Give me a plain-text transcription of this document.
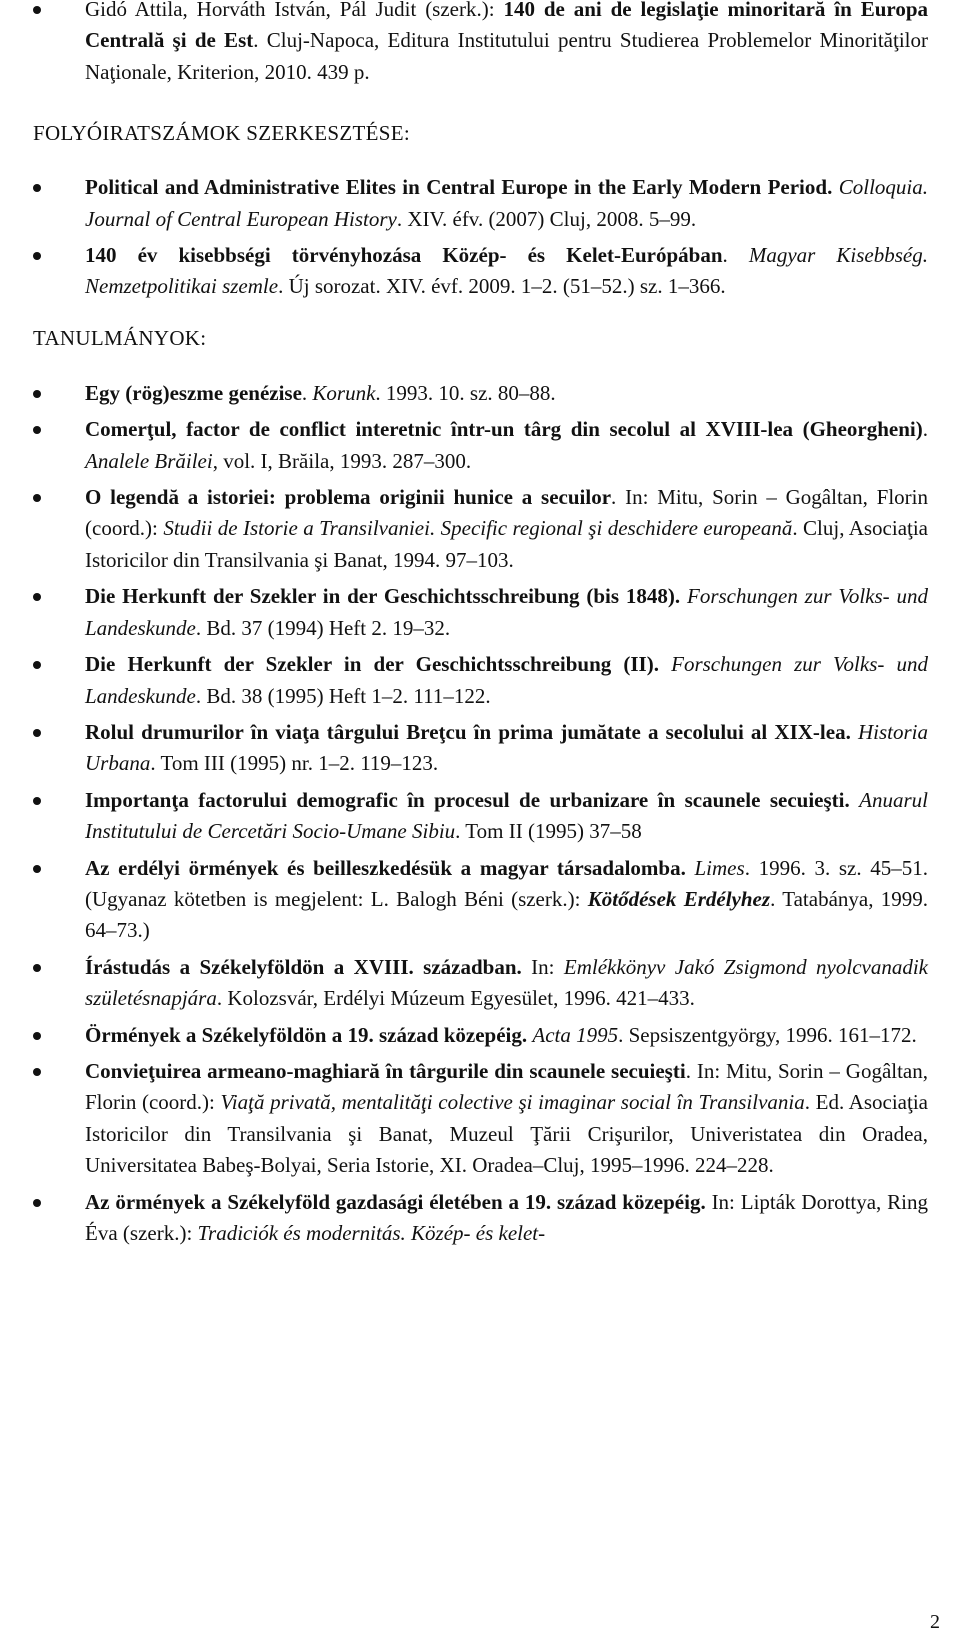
Gidó Attila, Horváth István, Pál Judit (szerk.): 140 de ani de legislaţie minoritară în Europa Centrală şi de Est. Cluj-Napoca, Editura Institutului pentru Studierea Problemelor Minorităţilor Naţionale, Kriterion, 2010. 439 p.
FOLYÓIRATSZÁMOK SZERKESZTÉSE:
Political and Administrative Elites in Central Europe in the Early Modern Period. Colloquia. Journal of Central European History. XIV. éfv. (2007) Cluj, 2008. 5–99.
140 év kisebbségi törvényhozása Közép- és Kelet-Európában. Magyar Kisebbség. Nemzetpolitikai szemle. Új sorozat. XIV. évf. 2009. 1–2. (51–52.) sz. 1–366.
TANULMÁNYOK:
Egy (rög)eszme genézise. Korunk. 1993. 10. sz. 80–88.
Comerţul, factor de conflict interetnic într-un târg din secolul al XVIII-lea (Gheorgheni). Analele Brăilei, vol. I, Brăila, 1993. 287–300.
O legendă a istoriei: problema originii hunice a secuilor. In: Mitu, Sorin – Gogâltan, Florin (coord.): Studii de Istorie a Transilvaniei. Specific regional şi deschidere europeană. Cluj, Asociaţia Istoricilor din Transilvania şi Banat, 1994. 97–103.
Die Herkunft der Szekler in der Geschichtsschreibung (bis 1848). Forschungen zur Volks- und Landeskunde. Bd. 37 (1994) Heft 2. 19–32.
Die Herkunft der Szekler in der Geschichtsschreibung (II). Forschungen zur Volks- und Landeskunde. Bd. 38 (1995) Heft 1–2. 111–122.
Rolul drumurilor în viaţa târgului Breţcu în prima jumătate a secolului al XIX-lea. Historia Urbana. Tom III (1995) nr. 1–2. 119–123.
Importanţa factorului demografic în procesul de urbanizare în scaunele secuieşti. Anuarul Institutului de Cercetări Socio-Umane Sibiu. Tom II (1995) 37–58
Az erdélyi örmények és beilleszkedésük a magyar társadalomba. Limes. 1996. 3. sz. 45–51. (Ugyanaz kötetben is megjelent: L. Balogh Béni (szerk.): Kötődések Erdélyhez. Tatabánya, 1999. 64–73.)
Írástudás a Székelyföldön a XVIII. században. In: Emlékkönyv Jakó Zsigmond nyolcvanadik születésnapjára. Kolozsvár, Erdélyi Múzeum Egyesület, 1996. 421–433.
Örmények a Székelyföldön a 19. század közepéig. Acta 1995. Sepsiszentgyörgy, 1996. 161–172.
Convieţuirea armeano-maghiară în târgurile din scaunele secuieşti. In: Mitu, Sorin – Gogâltan, Florin (coord.): Viaţă privată, mentalităţi colective şi imaginar social în Transilvania. Ed. Asociaţia Istoricilor din Transilvania şi Banat, Muzeul Ţării Crişurilor, Univeristatea din Oradea, Universitatea Babeş-Bolyai, Seria Istorie, XI. Oradea–Cluj, 1995–1996. 224–228.
Az örmények a Székelyföld gazdasági életében a 19. század közepéig. In: Lipták Dorottya, Ring Éva (szerk.): Tradiciók és modernitás. Közép- és kelet-
2
